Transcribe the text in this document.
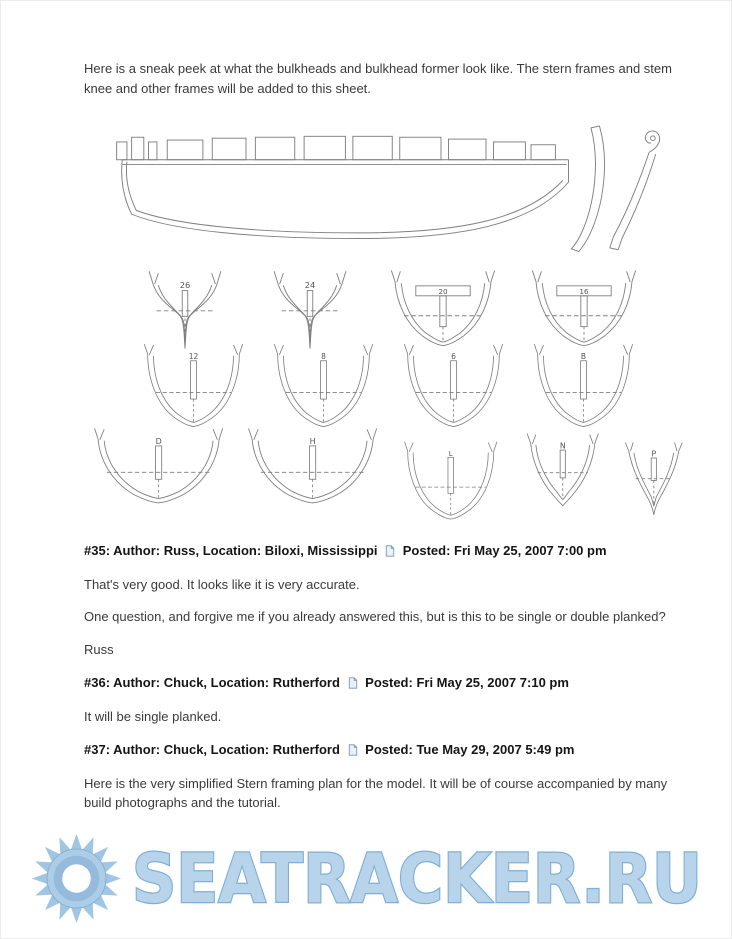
Here is a sneak peek at what the bulkheads and bulkhead former look like. The stern frames and stem knee and other frames will be added to this sheet.

26	24
20	16
12	8	6	B
D	H
L
N
P

#35: Author: Russ, Location: Biloxi, Mississippi Posted: Fri May 25, 2007 7:00 pm

That's very good. It looks like it is very accurate.

One question, and forgive me if you already answered this, but is this to be single or double planked?

Russ

#36: Author: Chuck, Location: Rutherford Posted: Fri May 25, 2007 7:10 pm

It will be single planked.

#37: Author: Chuck, Location: Rutherford Posted: Tue May 29, 2007 5:49 pm

Here is the very simplified Stern framing plan for the model. It will be of course accompanied by many build photographs and the tutorial.

SEATRACKER.RU
